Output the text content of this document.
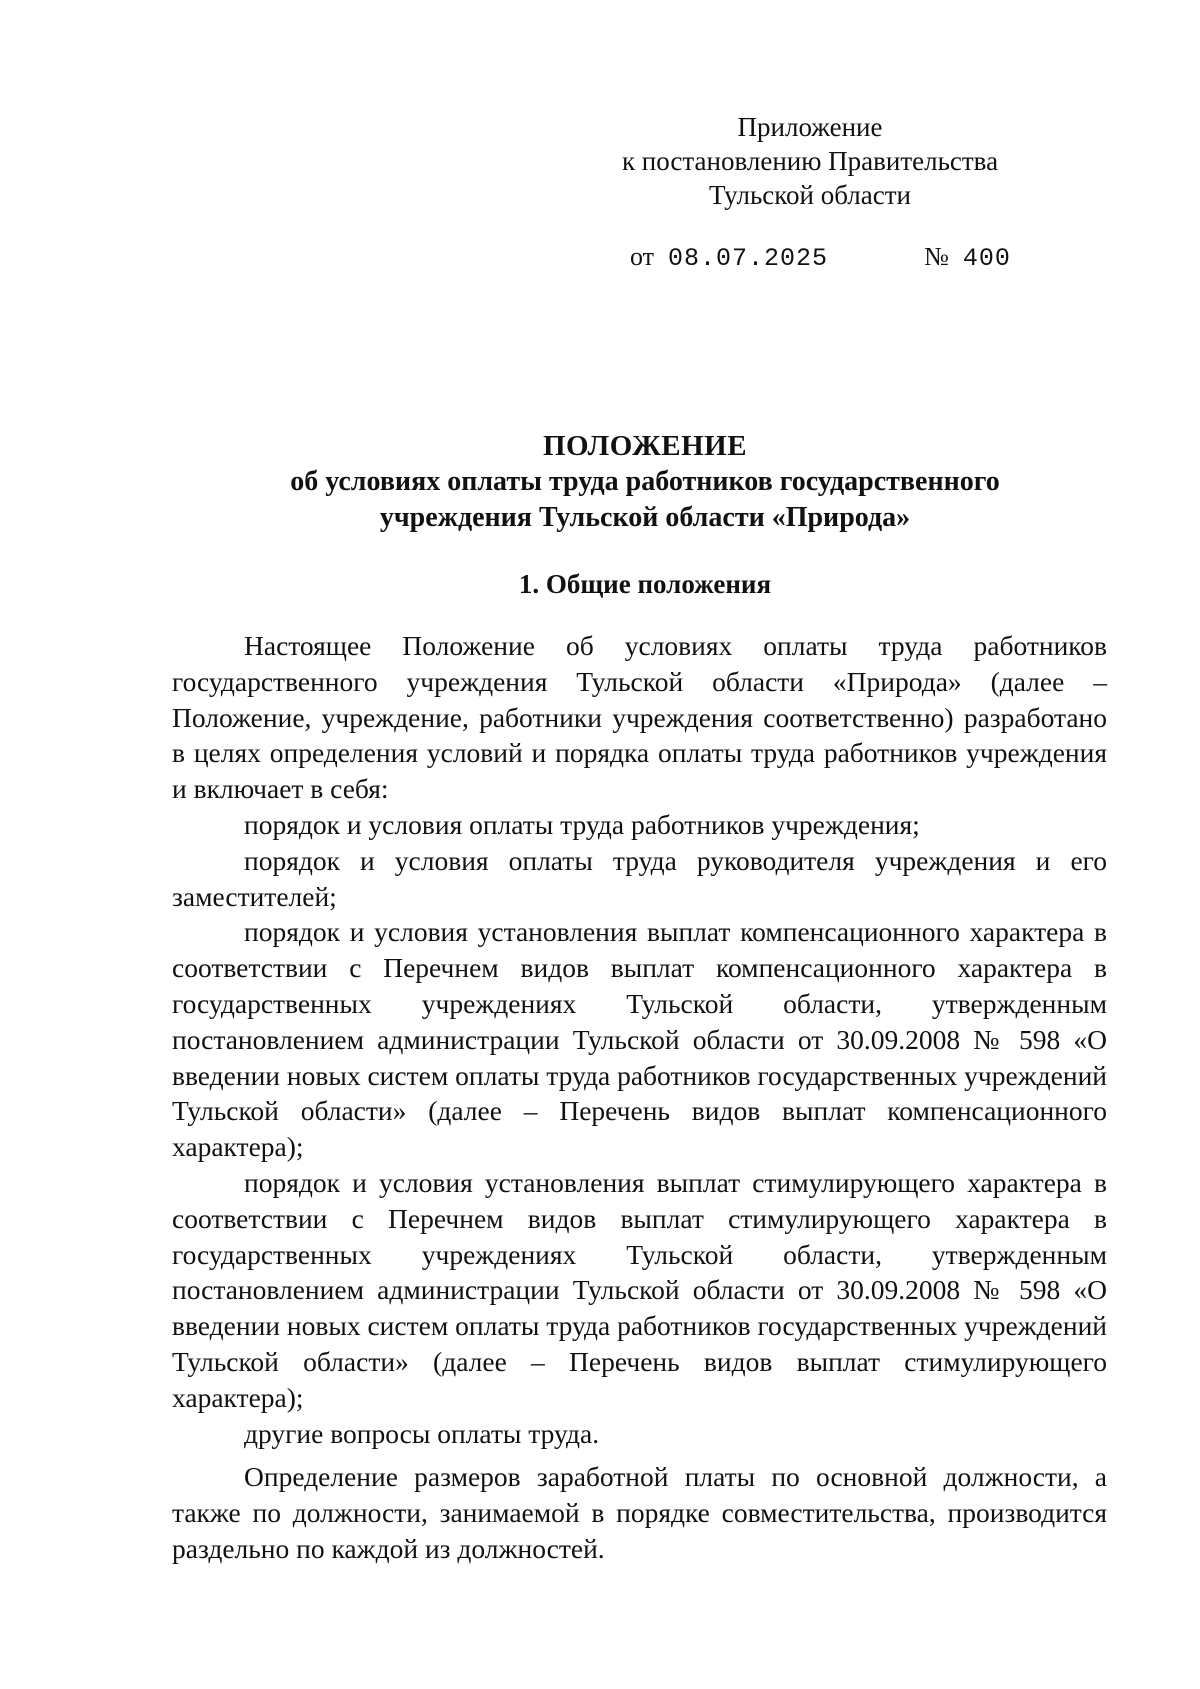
Приложение
к постановлению Правительства
Тульской области
от 08.07.2025	№ 400
ПОЛОЖЕНИЕ
об условиях оплаты труда работников государственного
учреждения Тульской области «Природа»
1. Общие положения

Настоящее Положение об условиях оплаты труда работников государственного учреждения Тульской области «Природа» (далее – Положение, учреждение, работники учреждения соответственно) разработано в целях определения условий и порядка оплаты труда работников учреждения и включает в себя:

порядок и условия оплаты труда работников учреждения;

порядок и условия оплаты труда руководителя учреждения и его заместителей;

порядок и условия установления выплат компенсационного характера в соответствии с Перечнем видов выплат компенсационного характера в государственных учреждениях Тульской области, утвержденным постановлением администрации Тульской области от 30.09.2008 № 598 «О введении новых систем оплаты труда работников государственных учреждений Тульской области» (далее – Перечень видов выплат компенсационного характера);

порядок и условия установления выплат стимулирующего характера в соответствии с Перечнем видов выплат стимулирующего характера в государственных учреждениях Тульской области, утвержденным постановлением администрации Тульской области от 30.09.2008 № 598 «О введении новых систем оплаты труда работников государственных учреждений Тульской области» (далее – Перечень видов выплат стимулирующего характера);

другие вопросы оплаты труда.

Определение размеров заработной платы по основной должности, а также по должности, занимаемой в порядке совместительства, производится раздельно по каждой из должностей.
